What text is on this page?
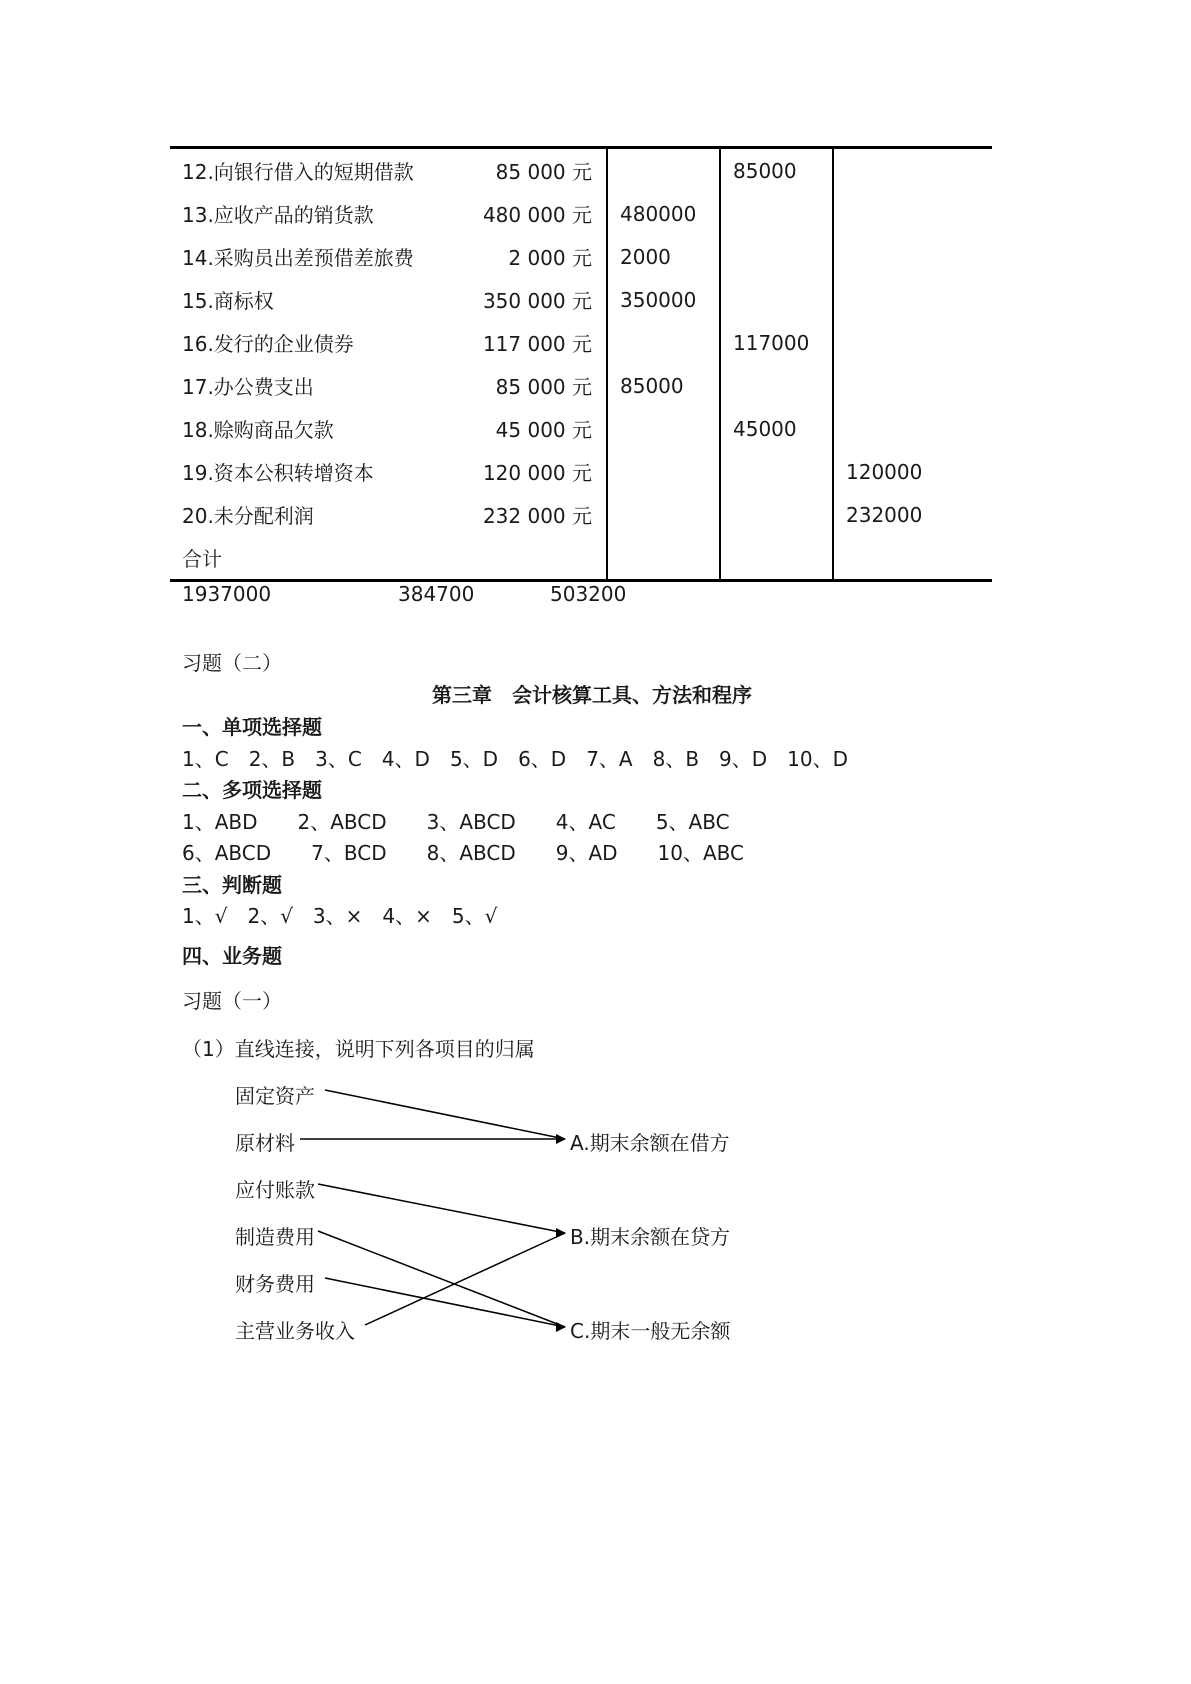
12.向银行借入的短期借款	85 000 元		85000	
13.应收产品的销货款	480 000 元	480000		
14.采购员出差预借差旅费	2 000 元	2000		
15.商标权	350 000 元	350000		
16.发行的企业债券	117 000 元		117000	
17.办公费支出	85 000 元	85000		
18.赊购商品欠款	45 000 元		45000	
19.资本公积转增资本	120 000 元			120000
20.未分配利润	232 000 元			232000
合计				
1937000	384700	503200
习题（二）
第三章　会计核算工具、方法和程序
一、单项选择题
1、C　2、B　3、C　4、D　5、D　6、D　7、A　8、B　9、D　10、D
二、多项选择题
1、ABD　　2、ABCD　　3、ABCD　　4、AC　　5、ABC
6、ABCD　　7、BCD　　8、ABCD　　9、AD　　10、ABC
三、判断题
1、√　2、√　3、×　4、×　5、√
四、业务题
习题（一）
（1）直线连接，说明下列各项目的归属
固定资产
原材料
应付账款
制造费用
财务费用
主营业务收入
A.期末余额在借方
B.期末余额在贷方
C.期末一般无余额
